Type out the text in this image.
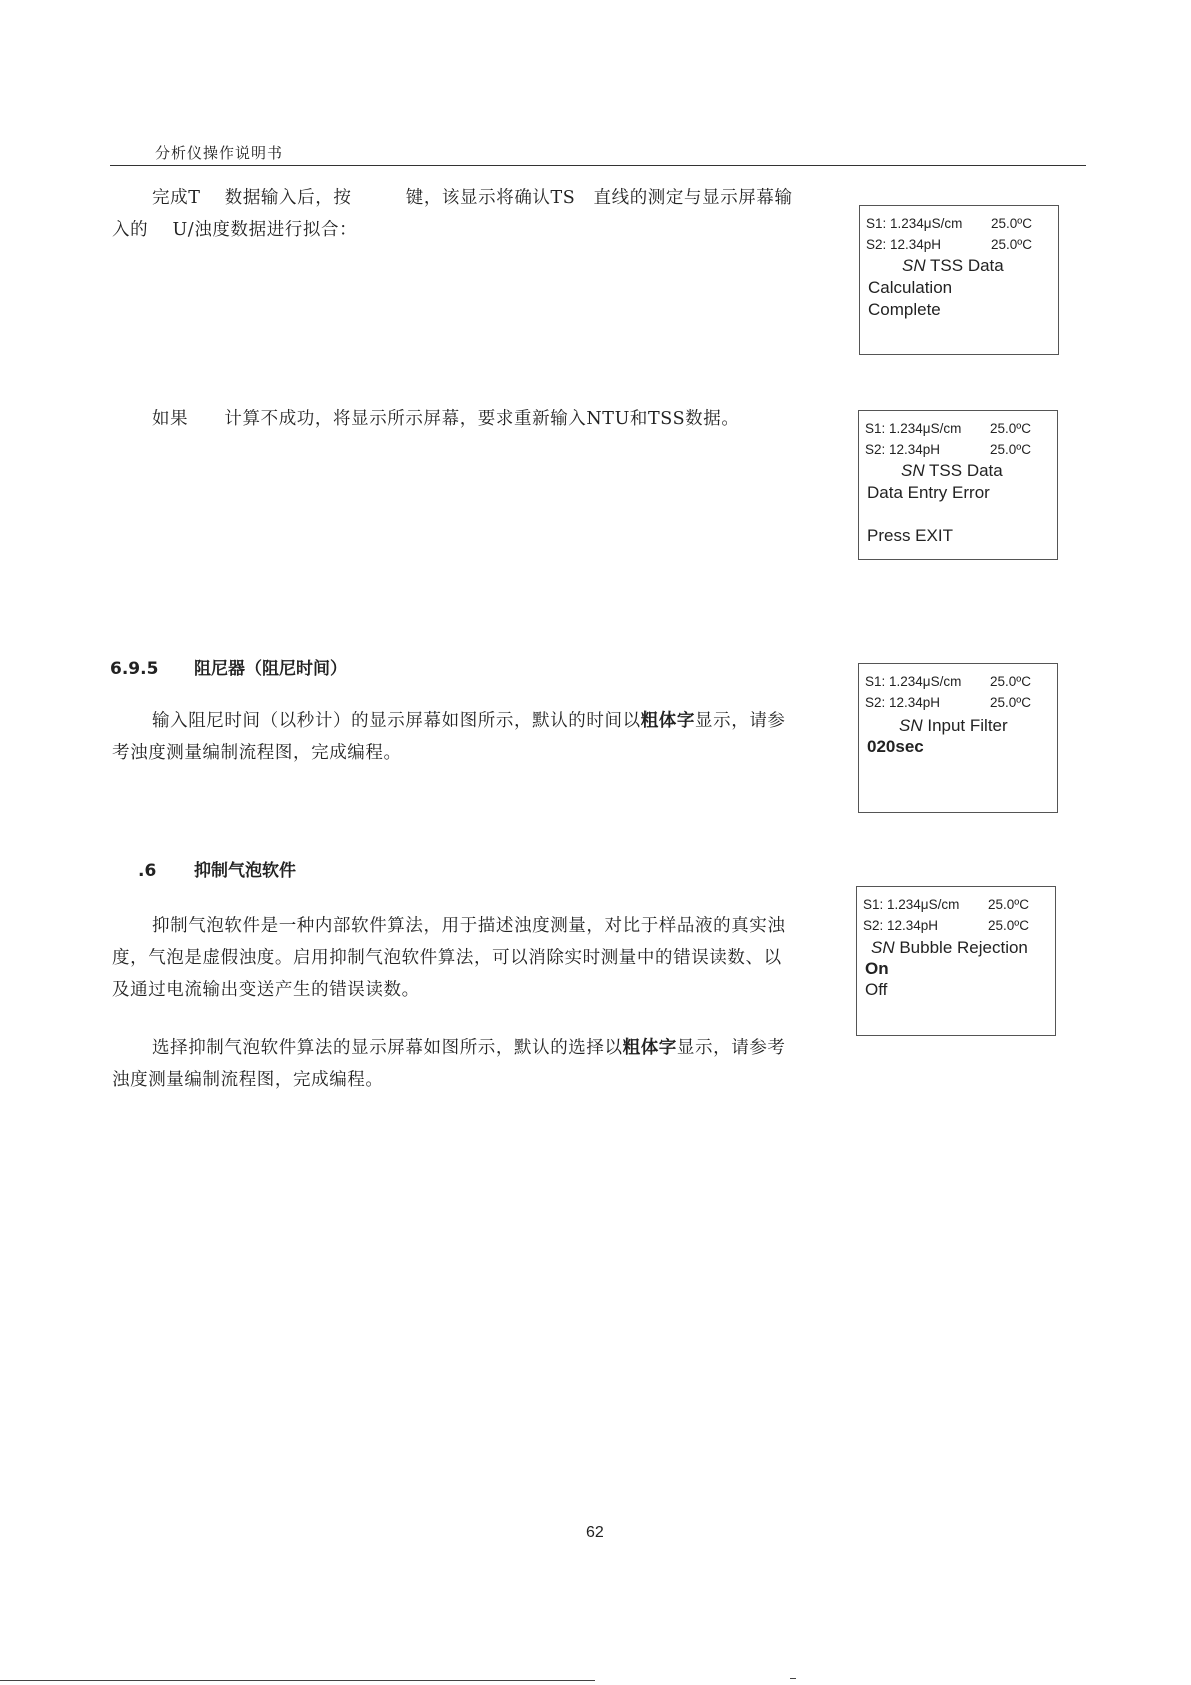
分析仪操作说明书

完成T　 数据输入后，按　　　键，该显示将确认TS　直线的测定与显示屏幕输

入的　 U/浊度数据进行拟合：	S1: 1.234μS/cm 25.0ºC
S2: 12.34pH	25.0ºC
SN TSS Data
Calculation
Complete

如果　　计算不成功，将显示所示屏幕，要求重新输入NTU和TSS数据。	S1: 1.234μS/cm 25.0ºC
S2: 12.34pH	25.0ºC
SN TSS Data
Data Entry Error
Press EXIT
6.9.5 阻尼器（阻尼时间）

输入阻尼时间（以秒计）的显示屏幕如图所示，默认的时间以粗体字显示，请参

考浊度测量编制流程图，完成编程。

S1: 1.234μS/cm 25.0ºC
S2: 12.34pH	25.0ºC
SN Input Filter
020sec
.6 抑制气泡软件

抑制气泡软件是一种内部软件算法，用于描述浊度测量，对比于样品液的真实浊

度，气泡是虚假浊度。启用抑制气泡软件算法，可以消除实时测量中的错误读数、以

及通过电流输出变送产生的错误读数。

S1: 1.234μS/cm 25.0ºC
S2: 12.34pH	25.0ºC
SN Bubble Rejection
On
Off

选择抑制气泡软件算法的显示屏幕如图所示，默认的选择以粗体字显示，请参考

浊度测量编制流程图，完成编程。

62
